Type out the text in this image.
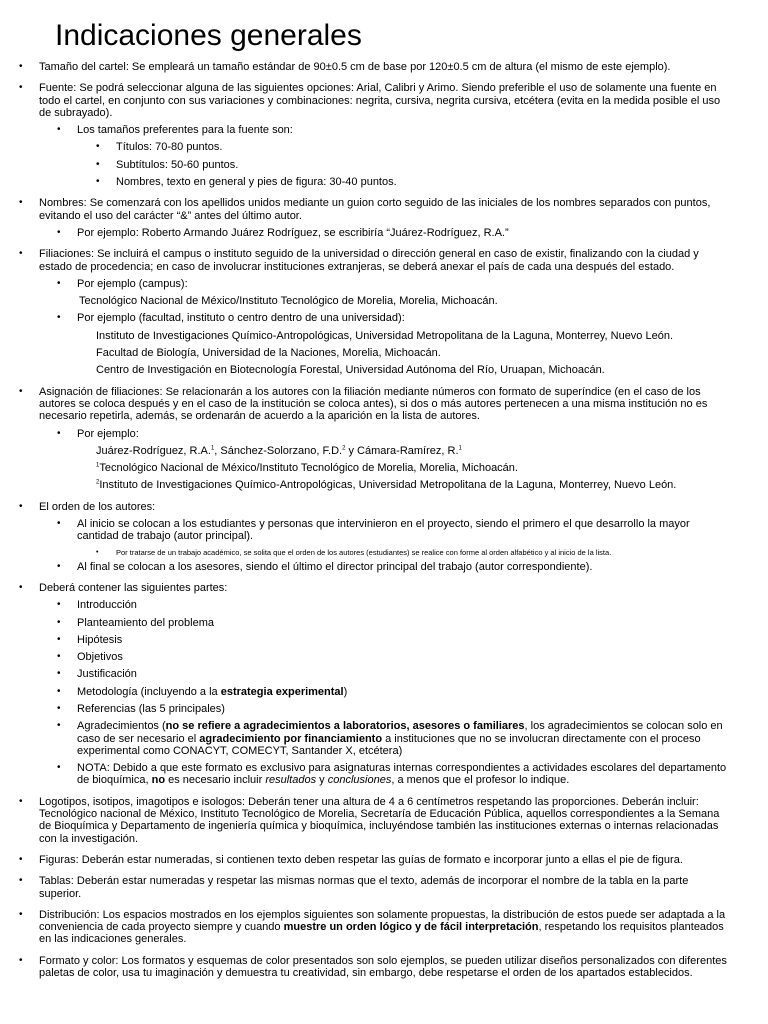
Indicaciones generales
• Tamaño del cartel: Se empleará un tamaño estándar de 90±0.5 cm de base por 120±0.5 cm de altura (el mismo de este ejemplo).
• Fuente: Se podrá seleccionar alguna de las siguientes opciones: Arial, Calibri y Arimo. Siendo preferible el uso de solamente una fuente en todo el cartel, en conjunto con sus variaciones y combinaciones: negrita, cursiva, negrita cursiva, etcétera (evita en la medida posible el uso de subrayado).
• Los tamaños preferentes para la fuente son:
• Títulos: 70-80 puntos.
• Subtítulos: 50-60 puntos.
• Nombres, texto en general y pies de figura: 30-40 puntos.
• Nombres: Se comenzará con los apellidos unidos mediante un guion corto seguido de las iniciales de los nombres separados con puntos, evitando el uso del carácter “&” antes del último autor.
• Por ejemplo: Roberto Armando Juárez Rodríguez, se escribiría “Juárez-Rodríguez, R.A.”
• Filiaciones: Se incluirá el campus o instituto seguido de la universidad o dirección general en caso de existir, finalizando con la ciudad y estado de procedencia; en caso de involucrar instituciones extranjeras, se deberá anexar el país de cada una después del estado.
• Por ejemplo (campus):
Tecnológico Nacional de México/Instituto Tecnológico de Morelia, Morelia, Michoacán.
• Por ejemplo (facultad, instituto o centro dentro de una universidad):
Instituto de Investigaciones Químico-Antropológicas, Universidad Metropolitana de la Laguna, Monterrey, Nuevo León.
Facultad de Biología, Universidad de la Naciones, Morelia, Michoacán.
Centro de Investigación en Biotecnología Forestal, Universidad Autónoma del Río, Uruapan, Michoacán.
• Asignación de filiaciones: Se relacionarán a los autores con la filiación mediante números con formato de superíndice (en el caso de los autores se coloca después y en el caso de la institución se coloca antes), si dos o más autores pertenecen a una misma institución no es necesario repetirla, además, se ordenarán de acuerdo a la aparición en la lista de autores.
• Por ejemplo:
Juárez-Rodríguez, R.A.$^1$, Sánchez-Solorzano, F.D.$^2$ y Cámara-Ramírez, R.$^1$
$^1$Tecnológico Nacional de México/Instituto Tecnológico de Morelia, Morelia, Michoacán.
$^2$Instituto de Investigaciones Químico-Antropológicas, Universidad Metropolitana de la Laguna, Monterrey, Nuevo León.
• El orden de los autores:
• Al inicio se colocan a los estudiantes y personas que intervinieron en el proyecto, siendo el primero el que desarrollo la mayor cantidad de trabajo (autor principal).
• Por tratarse de un trabajo académico, se solita que el orden de los autores (estudiantes) se realice con forme al orden alfabético y al inicio de la lista.
• Al final se colocan a los asesores, siendo el último el director principal del trabajo (autor correspondiente).
• Deberá contener las siguientes partes:
• Introducción
• Planteamiento del problema
• Hipótesis
• Objetivos
• Justificación
• Metodología (incluyendo a la estrategia experimental)
• Referencias (las 5 principales)
• Agradecimientos (no se refiere a agradecimientos a laboratorios, asesores o familiares, los agradecimientos se colocan solo en caso de ser necesario el agradecimiento por financiamiento a instituciones que no se involucran directamente con el proceso experimental como CONACYT, COMECYT, Santander X, etcétera)
• NOTA: Debido a que este formato es exclusivo para asignaturas internas correspondientes a actividades escolares del departamento de bioquímica, no es necesario incluir resultados y conclusiones, a menos que el profesor lo indique.
• Logotipos, isotipos, imagotipos e isologos: Deberán tener una altura de 4 a 6 centímetros respetando las proporciones. Deberán incluir: Tecnológico nacional de México, Instituto Tecnológico de Morelia, Secretaría de Educación Pública, aquellos correspondientes a la Semana de Bioquímica y Departamento de ingeniería química y bioquímica, incluyéndose también las instituciones externas o internas relacionadas con la investigación.
• Figuras: Deberán estar numeradas, si contienen texto deben respetar las guías de formato e incorporar junto a ellas el pie de figura.
• Tablas: Deberán estar numeradas y respetar las mismas normas que el texto, además de incorporar el nombre de la tabla en la parte superior.
• Distribución: Los espacios mostrados en los ejemplos siguientes son solamente propuestas, la distribución de estos puede ser adaptada a la conveniencia de cada proyecto siempre y cuando muestre un orden lógico y de fácil interpretación, respetando los requisitos planteados en las indicaciones generales.
• Formato y color: Los formatos y esquemas de color presentados son solo ejemplos, se pueden utilizar diseños personalizados con diferentes paletas de color, usa tu imaginación y demuestra tu creatividad, sin embargo, debe respetarse el orden de los apartados establecidos.
